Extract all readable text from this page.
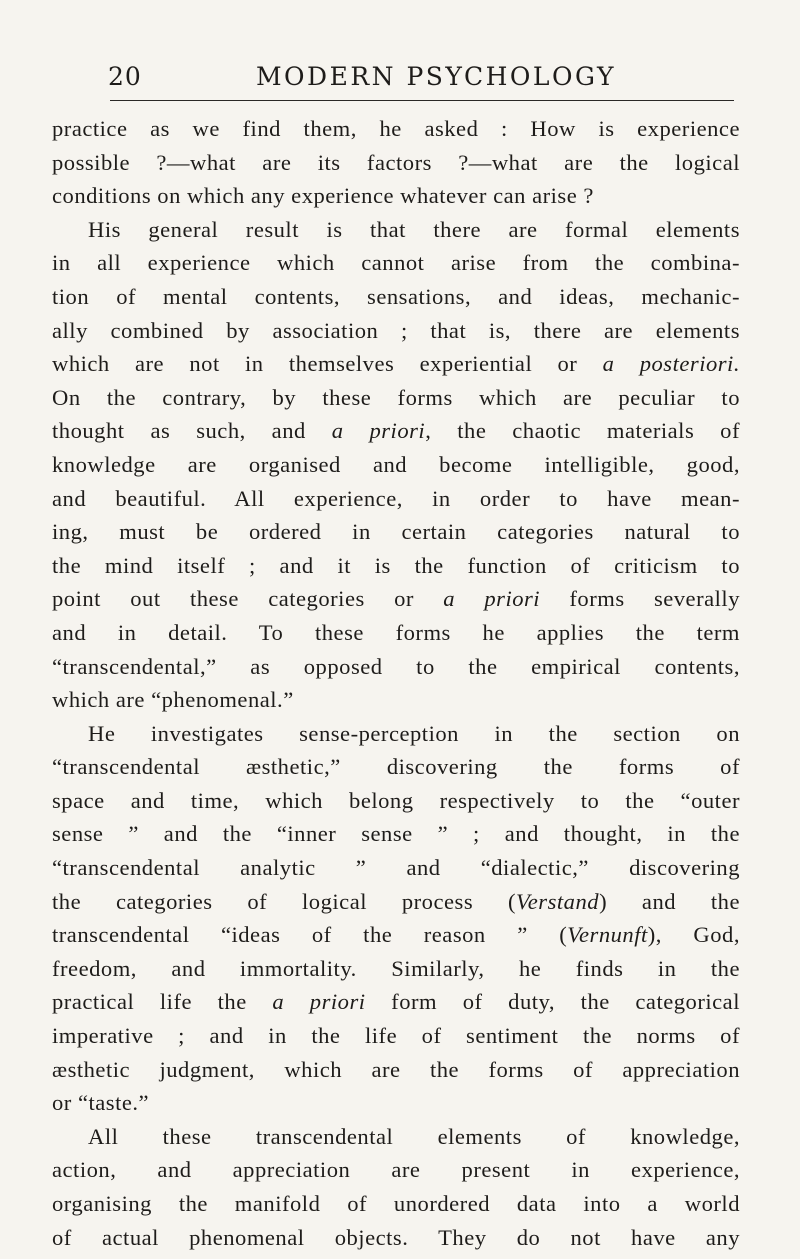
20	MODERN PSYCHOLOGY
practice as we find them, he asked : How is experience
possible ?—what are its factors ?—what are the logical
conditions on which any experience whatever can arise ?
His general result is that there are formal elements
in all experience which cannot arise from the combina-
tion of mental contents, sensations, and ideas, mechanic-
ally combined by association ; that is, there are elements
which are not in themselves experiential or a posteriori.
On the contrary, by these forms which are peculiar to
thought as such, and a priori, the chaotic materials of
knowledge are organised and become intelligible, good,
and beautiful. All experience, in order to have mean-
ing, must be ordered in certain categories natural to
the mind itself ; and it is the function of criticism to
point out these categories or a priori forms severally
and in detail. To these forms he applies the term
“transcendental,” as opposed to the empirical contents,
which are “phenomenal.”
He investigates sense-perception in the section on
“transcendental æsthetic,” discovering the forms of
space and time, which belong respectively to the “outer
sense ” and the “inner sense ” ; and thought, in the
“transcendental analytic ” and “dialectic,” discovering
the categories of logical process (Verstand) and the
transcendental “ideas of the reason ” (Vernunft), God,
freedom, and immortality. Similarly, he finds in the
practical life the a priori form of duty, the categorical
imperative ; and in the life of sentiment the norms of
æsthetic judgment, which are the forms of appreciation
or “taste.”
All these transcendental elements of knowledge,
action, and appreciation are present in experience,
organising the manifold of unordered data into a world
of actual phenomenal objects. They do not have any
